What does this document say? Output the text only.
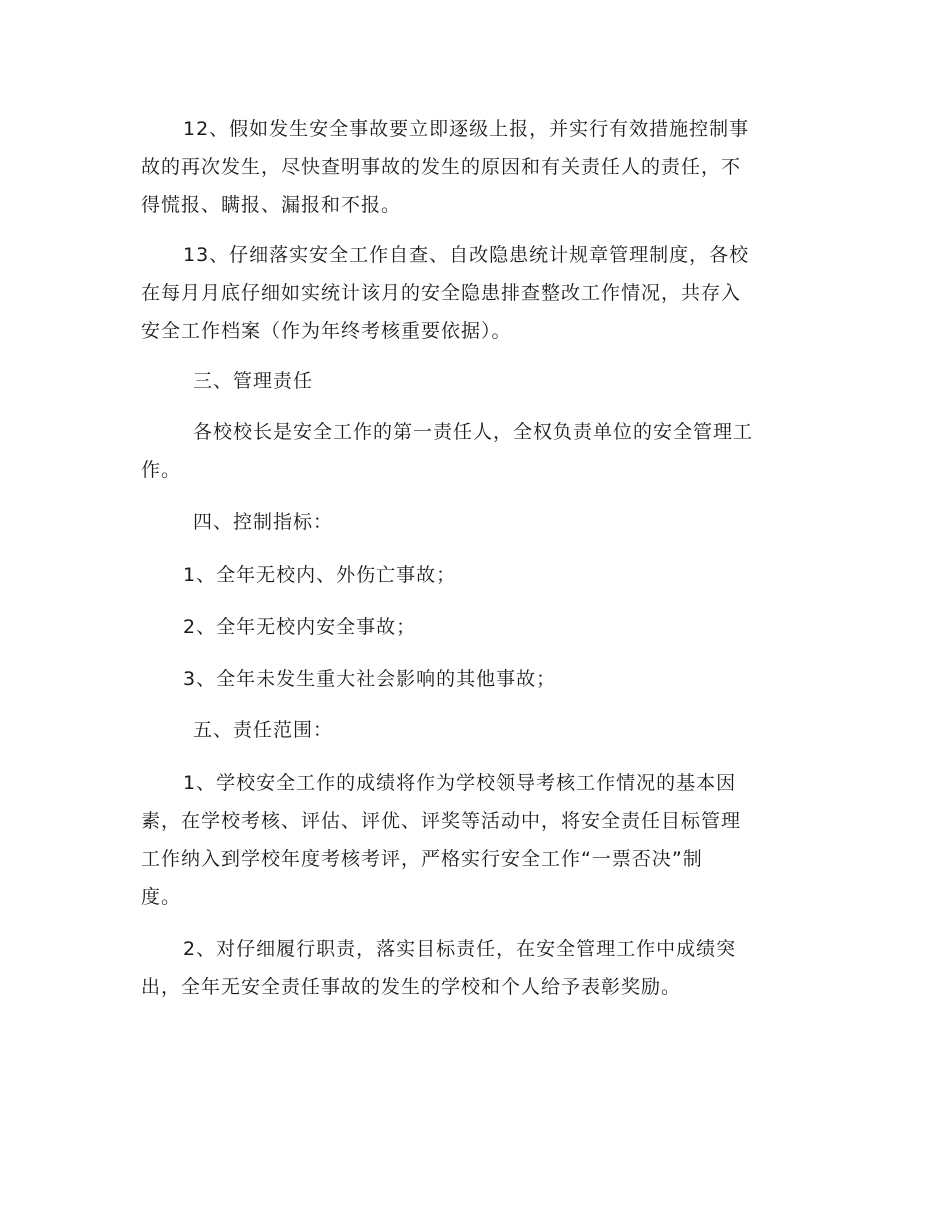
12、假如发生安全事故要立即逐级上报，并实行有效措施控制事
故的再次发生，尽快查明事故的发生的原因和有关责任人的责任，不
得慌报、瞒报、漏报和不报。
13、仔细落实安全工作自查、自改隐患统计规章管理制度，各校
在每月月底仔细如实统计该月的安全隐患排查整改工作情况，共存入
安全工作档案（作为年终考核重要依据）。
三、管理责任
各校校长是安全工作的第一责任人，全权负责单位的安全管理工
作。
四、控制指标：
1、全年无校内、外伤亡事故；
2、全年无校内安全事故；
3、全年未发生重大社会影响的其他事故；
五、责任范围：
1、学校安全工作的成绩将作为学校领导考核工作情况的基本因
素，在学校考核、评估、评优、评奖等活动中，将安全责任目标管理
工作纳入到学校年度考核考评，严格实行安全工作“一票否决”制
度。
2、对仔细履行职责，落实目标责任，在安全管理工作中成绩突
出，全年无安全责任事故的发生的学校和个人给予表彰奖励。
